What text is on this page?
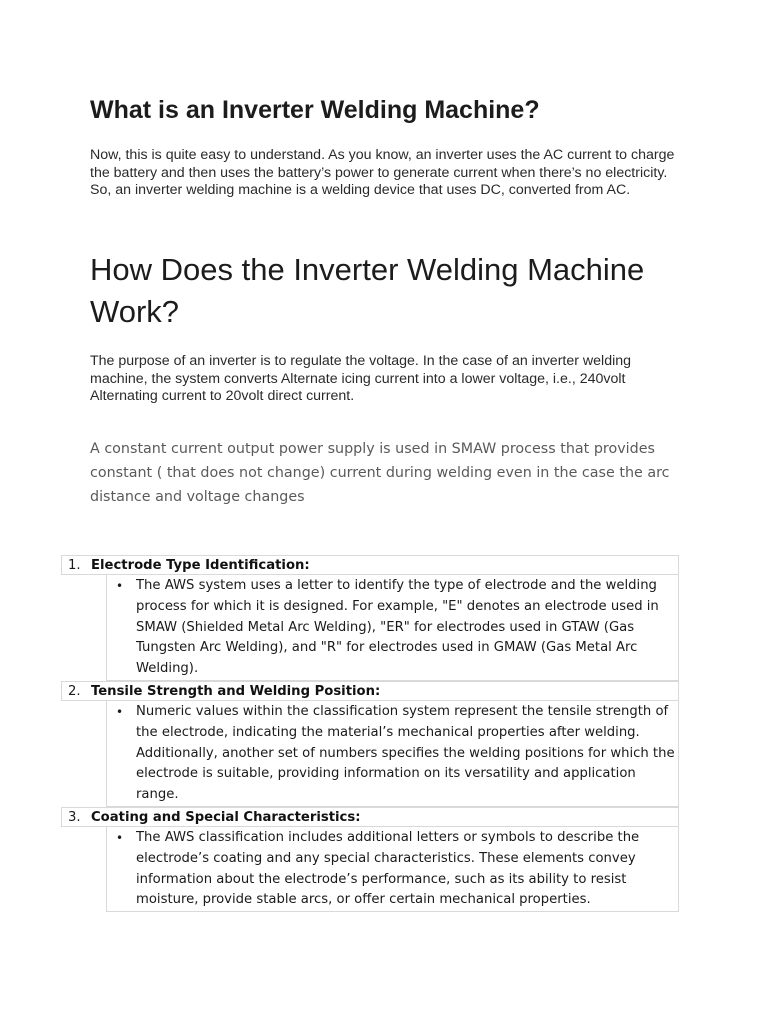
What is an Inverter Welding Machine?

Now, this is quite easy to understand. As you know, an inverter uses the AC current to charge the battery and then uses the battery’s power to generate current when there’s no electricity. So, an inverter welding machine is a welding device that uses DC, converted from AC.

How Does the Inverter Welding Machine Work?

The purpose of an inverter is to regulate the voltage. In the case of an inverter welding machine, the system converts Alternate icing current into a lower voltage, i.e., 240volt Alternating current to 20volt direct current.

A constant current output power supply is used in SMAW process that provides constant ( that does not change) current during welding even in the case the arc distance and voltage changes

1. Electrode Type Identification:
• The AWS system uses a letter to identify the type of electrode and the welding process for which it is designed. For example, "E" denotes an electrode used in SMAW (Shielded Metal Arc Welding), "ER" for electrodes used in GTAW (Gas Tungsten Arc Welding), and "R" for electrodes used in GMAW (Gas Metal Arc Welding).
2. Tensile Strength and Welding Position:
• Numeric values within the classification system represent the tensile strength of the electrode, indicating the material’s mechanical properties after welding. Additionally, another set of numbers specifies the welding positions for which the electrode is suitable, providing information on its versatility and application range.
3. Coating and Special Characteristics:
• The AWS classification includes additional letters or symbols to describe the electrode’s coating and any special characteristics. These elements convey information about the electrode’s performance, such as its ability to resist moisture, provide stable arcs, or offer certain mechanical properties.
